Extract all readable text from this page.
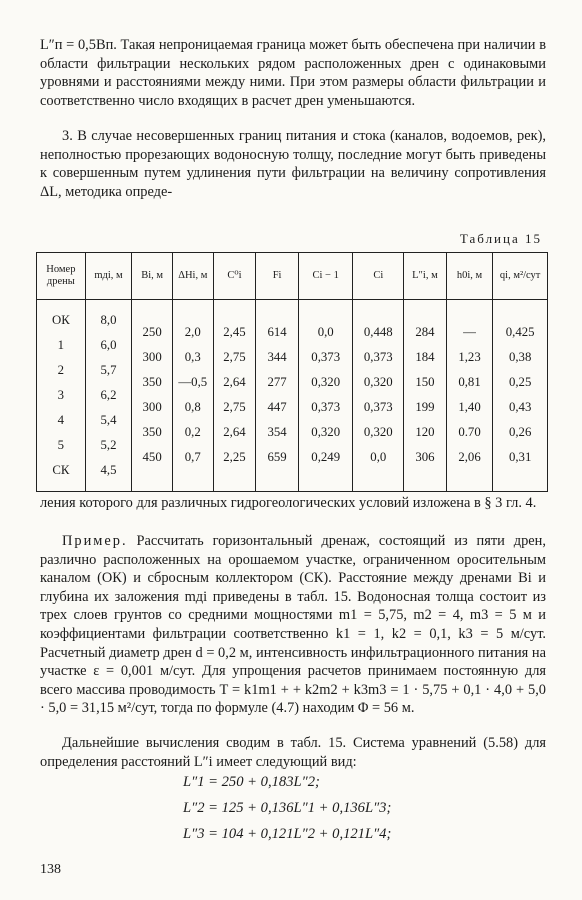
L″п = 0,5Bп. Такая непроницаемая граница может быть обеспечена при наличии в области фильтрации нескольких рядом расположенных дрен с одинаковыми уровнями и расстояниями между ними. При этом размеры области фильтрации и соответственно число входящих в расчет дрен уменьшаются.

3. В случае несовершенных границ питания и стока (каналов, водоемов, рек), неполностью прорезающих водоносную толщу, последние могут быть приведены к совершенным путем удлинения пути фильтрации на величину сопротивления ΔL, методика опреде-

Таблица 15
Номер дрены	mдi, м	Bi, м	ΔHi, м	C⁰i	Fi	Ci − 1	Ci	L″i, м	h0i, м	qi, м²/сут
ОК	8,0	250	2,0	2,45	614	0,0	0,448	284	—	0,425
1	6,0	300	0,3	2,75	344	0,373	0,373	184	1,23	0,38
2	5,7	350	—0,5	2,64	277	0,320	0,320	150	0,81	0,25
3	6,2	300	0,8	2,75	447	0,373	0,373	199	1,40	0,43
4	5,4	350	0,2	2,64	354	0,320	0,320	120	0.70	0,26
5	5,2	450	0,7	2,25	659	0,249	0,0	306	2,06	0,31
СК	4,5									

ления которого для различных гидрогеологических условий изложена в § 3 гл. 4.

Пример. Рассчитать горизонтальный дренаж, состоящий из пяти дрен, различно расположенных на орошаемом участке, ограниченном оросительным каналом (ОК) и сбросным коллектором (СК). Расстояние между дренами Bi и глубина их заложения mдi приведены в табл. 15. Водоносная толща состоит из трех слоев грунтов со средними мощностями m1 = 5,75, m2 = 4, m3 = 5 м и коэффициентами фильтрации соответственно k1 = 1, k2 = 0,1, k3 = 5 м/сут. Расчетный диаметр дрен d = 0,2 м, интенсивность инфильтрационного питания на участке ε = 0,001 м/сут. Для упрощения расчетов принимаем постоянную для всего массива проводимость T = k1m1 + + k2m2 + k3m3 = 1 · 5,75 + 0,1 · 4,0 + 5,0 · 5,0 = 31,15 м²/сут, тогда по формуле (4.7) находим Φ = 56 м.

Дальнейшие вычисления сводим в табл. 15. Система уравнений (5.58) для определения расстояний L″i имеет следующий вид:

L″1 = 250 + 0,183L″2;
L″2 = 125 + 0,136L″1 + 0,136L″3;
L″3 = 104 + 0,121L″2 + 0,121L″4;
138
